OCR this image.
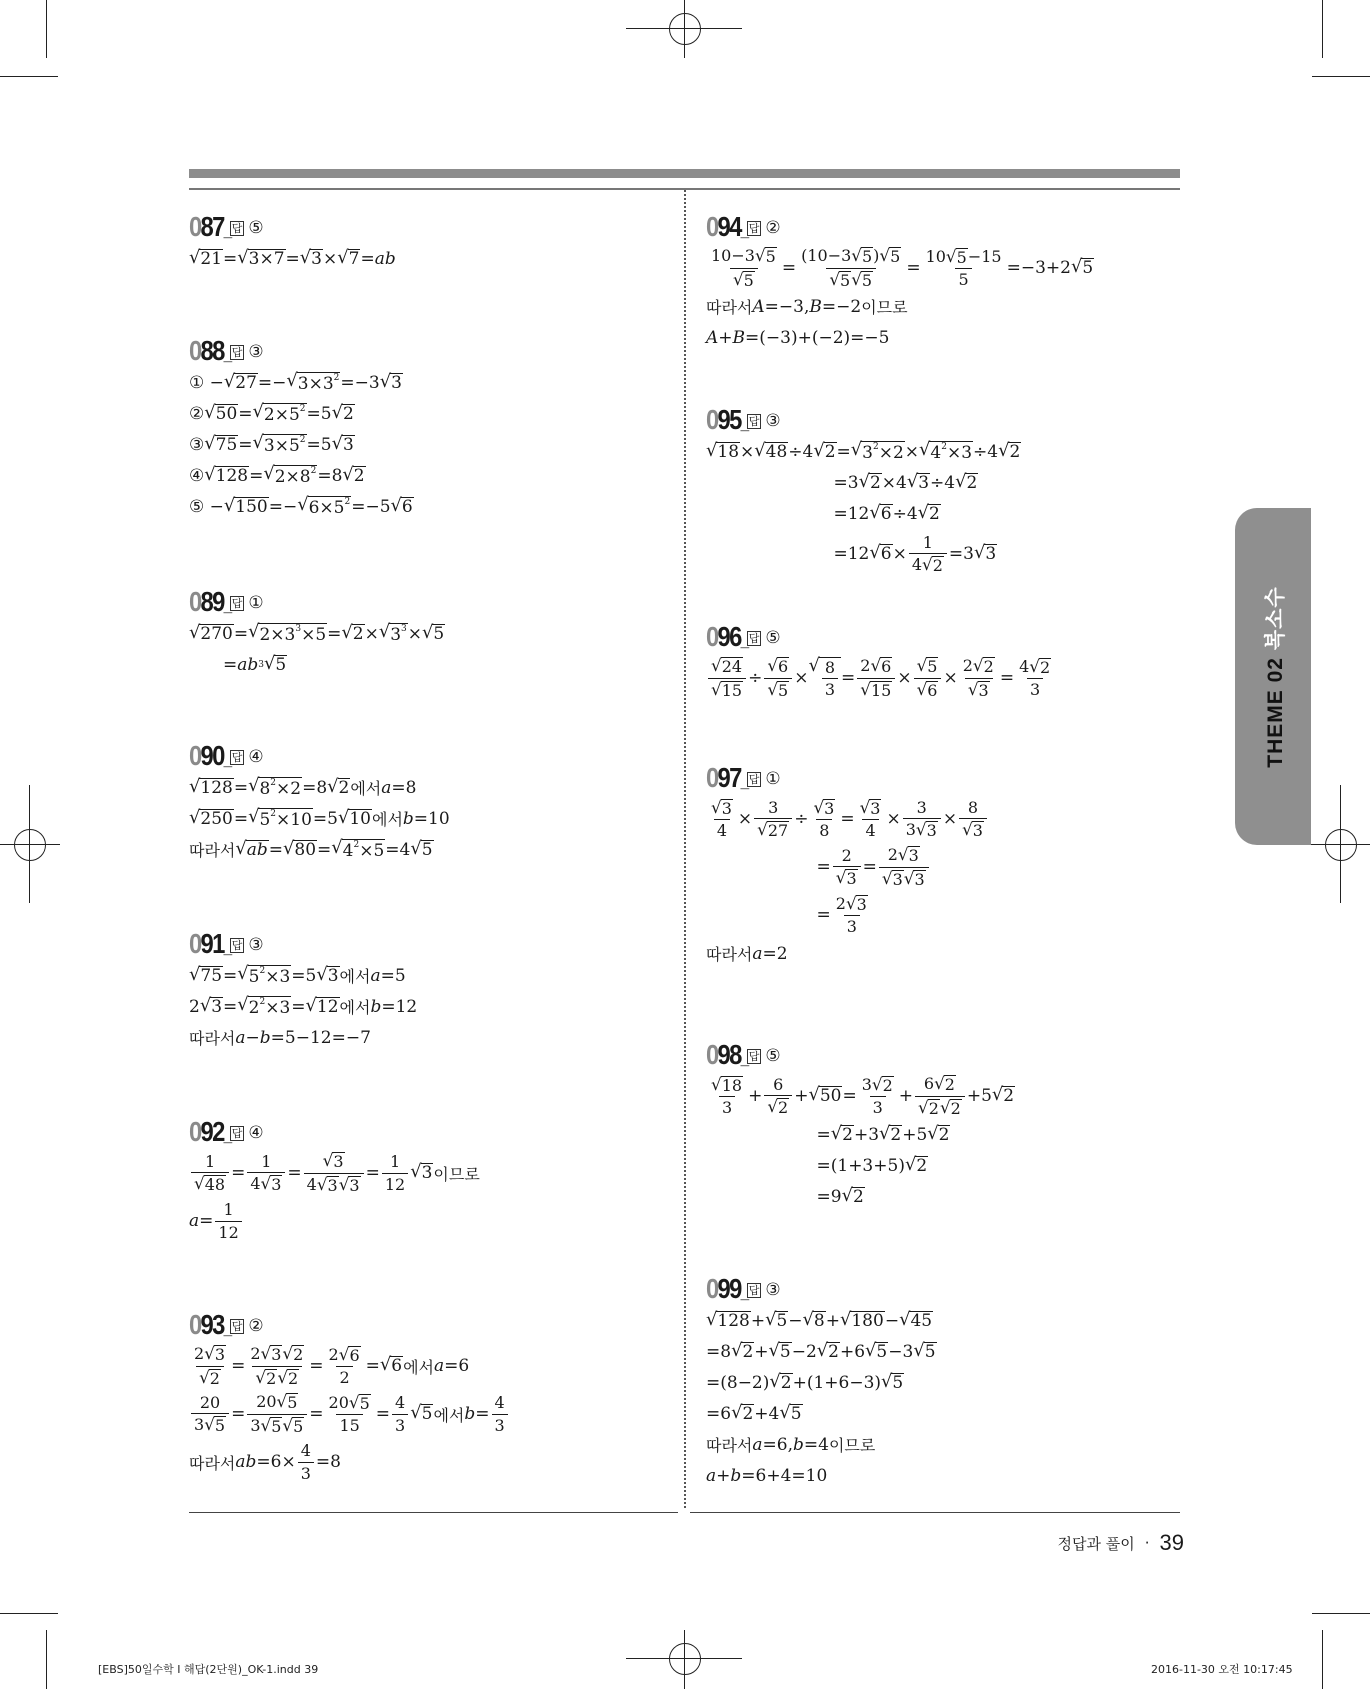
THEME 02 복소수
087_ 답 ⑤
√ 21 = √ 3×7 = √ 3 × √ 7 = ab
088_ 답 ③
① − √ 27 =− √ $3\times 3^2 =-3$ √ 3
② √ 50 = √ $2\times 5^2 =5$ √ 2
③ √ 75 = √ $3\times 5^2 =5$ √ 3
④ √ 128 = √ $2\times 8^2 =8$ √ 2
⑤ − √ 150 =− √ $6\times 5^2 =-5$ √ 6
089_ 답 ①
√ 270 = √ $2\times 3^3\times 5$ = √ 2 × √ $3^3$ × √ 5
  = ab 3 √ 5
090_ 답 ④
√ 128 = √ $8^2\times 2 =8$ √ 2 에서 a =8
√ 250 = √ $5^2\times 10 =5$ √ 10 에서 b =10
따라서 √ ab = √ 80 = √ $4^2\times 5 =4$ √ 5
091_ 답 ③
√ 75 = √ $5^2\times 3 =5$ √ 3 에서 a =5
2 √ 3 = √ $2^2\times 3$ = √ 12 에서 b =12
따라서 a − b =5−12=−7
092_ 답 ④
$\frac{1}{√ 48} = \frac{1}{4 √ 3} = \frac{√ 3}{4 √ 3 √ 3} = \frac{1}{12}$ √ 3 이므로
$a = \frac{1}{12}$
093_ 답 ②
$\frac{2 √ 3}{√ 2} = \frac{2 √ 3 √ 2}{√ 2 √ 2} = \frac{2 √ 6}{2}$ = √ 6 에서 a =6
$\frac{20}{3 √ 5} = \frac{20 √ 5}{3 √ 5 √ 5} = \frac{20 √ 5}{15} = \frac{4}{3}$ √ 5 에서 $b = \frac{4}{3}$
따라서 ab $=6\times \frac{4}{3} =8$
094_ 답 ②
$\frac{10-3 √ 5}{√ 5} = \frac{(10-3 √ 5 ) √ 5}{√ 5 √ 5} = \frac{10 √ 5 -15}{5} =-3+2$ √ 5
따라서 A =−3, B =−2 이므로
A + B =(−3)+(−2)=−5
095_ 답 ③
√ 18 × √ 48 ÷4 √ 2 = √ $3^2\times 2$ × √ $4^2\times 3 \div 4$ √ 2
        =3 √ 2 ×4 √ 3 ÷4 √ 2
        =12 √ 6 ÷4 √ 2
        =12 √ $6 \times \frac{1}{4 √ 2} =3$ √ 3
096_ 답 ⑤
$\frac{√ 24}{√ 15} \div \frac{√ 6}{√ 5}$ ×
√ $\frac{8}{3} = \frac{2 √ 6}{√ 15} \times \frac{√ 5}{√ 6} \times \frac{2 √ 2}{√ 3} = \frac{4 √ 2}{3}$
097_ 답 ①
$\frac{√ 3}{4} \times \frac{3}{√ 27} \div \frac{√ 3}{8} = \frac{√ 3}{4} \times \frac{3}{3 √ 3} \times \frac{8}{√ 3}$
       = $\frac{2}{√ 3} = \frac{2 √ 3}{√ 3 √ 3}$
       = $\frac{2 √ 3}{3}$
따라서 a =2
098_ 답 ⑤
$\frac{√ 18}{3} + \frac{6}{√ 2}$ + √ $50 = \frac{3 √ 2}{3} + \frac{6 √ 2}{√ 2 √ 2} +5$ √ 2
       = √ 2 +3 √ 2 +5 √ 2
       =(1+3+5) √ 2
       =9 √ 2
099_ 답 ③
√ 128 + √ 5 − √ 8 + √ 180 − √ 45
=8 √ 2 + √ 5 −2 √ 2 +6 √ 5 −3 √ 5
=(8−2) √ 2 +(1+6−3) √ 5
=6 √ 2 +4 √ 5
따라서 a =6, b =4 이므로
a + b =6+4=10
정답과 풀이 · 39
[EBS]50일수학 I 해답(2단원)_OK-1.indd 39	2016-11-30 오전 10:17:45
